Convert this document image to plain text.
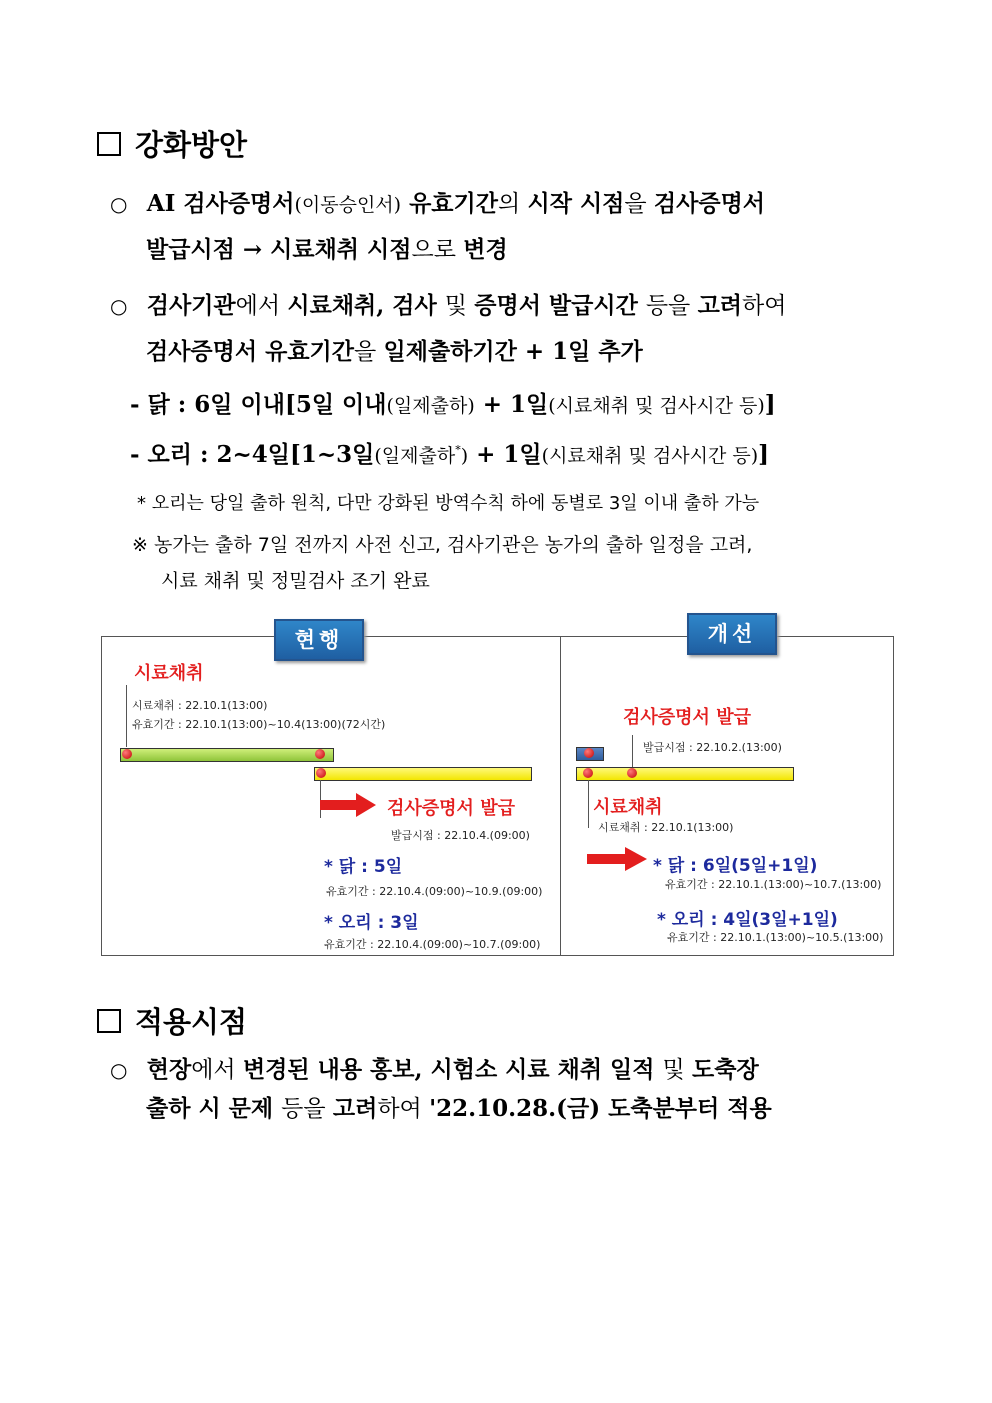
강화방안
○ AI 검사증명서(이동승인서) 유효기간의 시작 시점을 검사증명서
발급시점 → 시료채취 시점으로 변경
○ 검사기관에서 시료채취, 검사 및 증명서 발급시간 등을 고려하여
검사증명서 유효기간을 일제출하기간 + 1일 추가
- 닭 : 6일 이내[5일 이내(일제출하) + 1일(시료채취 및 검사시간 등)]
- 오리 : 2~4일[1~3일(일제출하*) + 1일(시료채취 및 검사시간 등)]
* 오리는 당일 출하 원칙, 다만 강화된 방역수칙 하에 동별로 3일 이내 출하 가능
※ 농가는 출하 7일 전까지 사전 신고, 검사기관은 농가의 출하 일정을 고려,
시료 채취 및 정밀검사 조기 완료
현행
시료채취
시료채취 : 22.10.1(13:00)
유효기간 : 22.10.1(13:00)~10.4(13:00)(72시간)
검사증명서 발급
발급시점 : 22.10.4.(09:00)
* 닭 : 5일
유효기간 : 22.10.4.(09:00)~10.9.(09:00)
* 오리 : 3일
유효기간 : 22.10.4.(09:00)~10.7.(09:00)
개선
검사증명서 발급
발급시점 : 22.10.2.(13:00)
시료채취
시료채취 : 22.10.1(13:00)
* 닭 : 6일(5일+1일)
유효기간 : 22.10.1.(13:00)~10.7.(13:00)
* 오리 : 4일(3일+1일)
유효기간 : 22.10.1.(13:00)~10.5.(13:00)
적용시점
○ 현장에서 변경된 내용 홍보, 시험소 시료 채취 일적 및 도축장
출하 시 문제 등을 고려하여 '22.10.28.(금) 도축분부터 적용
